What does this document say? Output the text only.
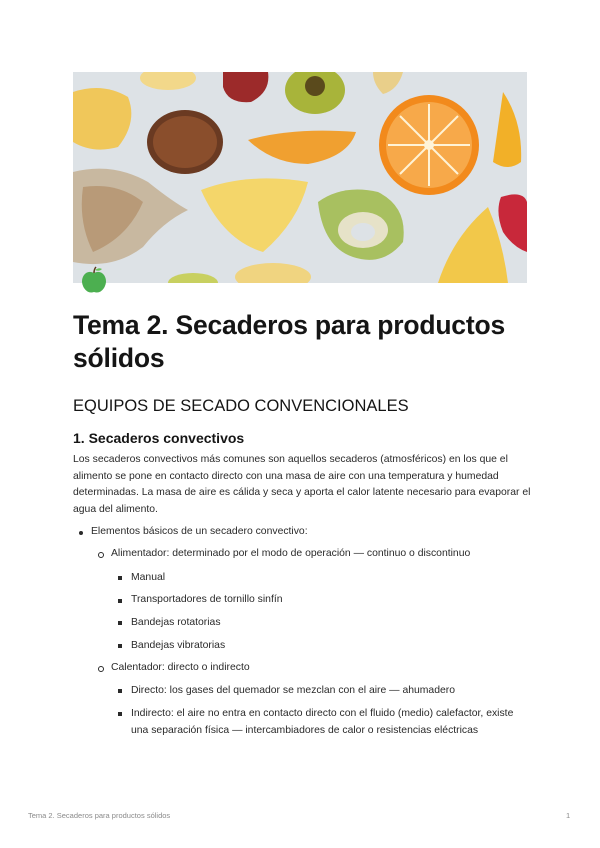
Tema 2. Secaderos para productos sólidos
EQUIPOS DE SECADO CONVENCIONALES
1. Secaderos convectivos

Los secaderos convectivos más comunes son aquellos secaderos (atmosféricos) en los que el alimento se pone en contacto directo con una masa de aire con una temperatura y humedad determinadas. La masa de aire es cálida y seca y aporta el calor latente necesario para evaporar el agua del alimento.

Elementos básicos de un secadero convectivo:
Alimentador: determinado por el modo de operación — continuo o discontinuo
Manual
Transportadores de tornillo sinfín
Bandejas rotatorias
Bandejas vibratorias
Calentador: directo o indirecto
Directo: los gases del quemador se mezclan con el aire — ahumadero
Indirecto: el aire no entra en contacto directo con el fluido (medio) calefactor, existe una separación física — intercambiadores de calor o resistencias eléctricas
Tema 2. Secaderos para productos sólidos	1
